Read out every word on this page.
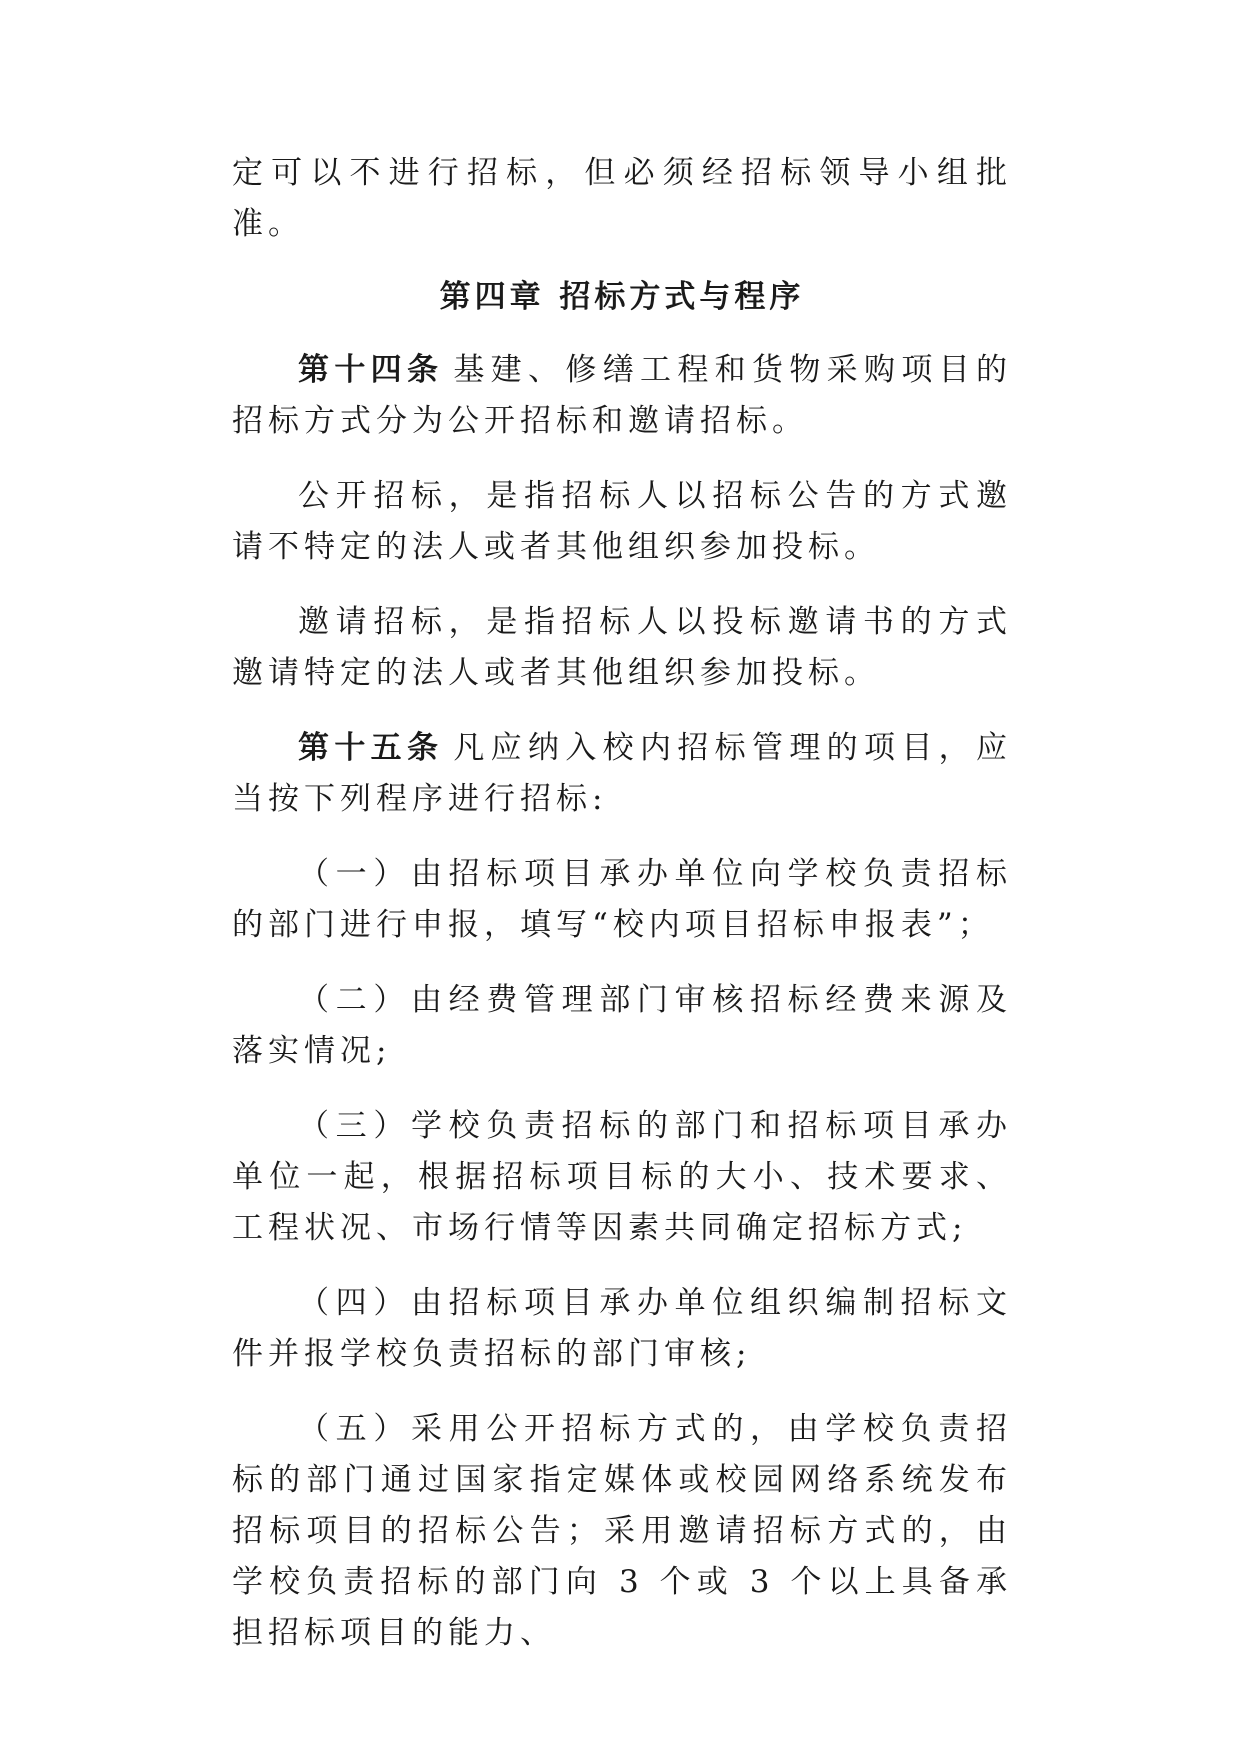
定可以不进行招标，但必须经招标领导小组批准。

第四章 招标方式与程序

第十四条 基建、修缮工程和货物采购项目的招标方式分为公开招标和邀请招标。

公开招标，是指招标人以招标公告的方式邀请不特定的法人或者其他组织参加投标。

邀请招标，是指招标人以投标邀请书的方式邀请特定的法人或者其他组织参加投标。

第十五条 凡应纳入校内招标管理的项目，应当按下列程序进行招标:

（一）由招标项目承办单位向学校负责招标的部门进行申报，填写“校内项目招标申报表”；

（二）由经费管理部门审核招标经费来源及落实情况;

（三）学校负责招标的部门和招标项目承办单位一起，根据招标项目标的大小、技术要求、工程状况、市场行情等因素共同确定招标方式;

（四）由招标项目承办单位组织编制招标文件并报学校负责招标的部门审核;

（五）采用公开招标方式的，由学校负责招标的部门通过国家指定媒体或校园网络系统发布招标项目的招标公告；采用邀请招标方式的，由学校负责招标的部门向 3 个或 3 个以上具备承担招标项目的能力、
